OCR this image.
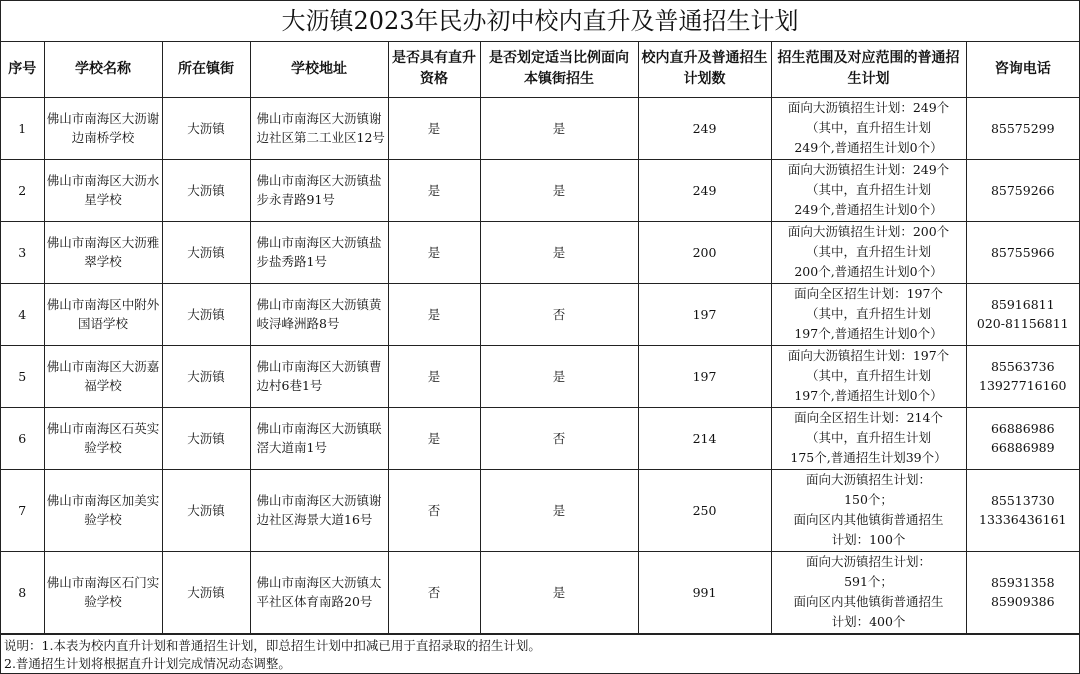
大沥镇2023年民办初中校内直升及普通招生计划
序号	学校名称	所在镇街	学校地址	是否具有直升资格	是否划定适当比例面向本镇街招生	校内直升及普通招生计划数	招生范围及对应范围的普通招生计划	咨询电话
1	佛山市南海区大沥谢边南桥学校	大沥镇	佛山市南海区大沥镇谢边社区第二工业区12号	是	是	249	面向大沥镇招生计划：249个
（其中，直升招生计划
249个,普通招生计划0个）	85575299

2	佛山市南海区大沥水星学校	大沥镇	佛山市南海区大沥镇盐步永青路91号	是	是	249	面向大沥镇招生计划：249个
（其中，直升招生计划
249个,普通招生计划0个）	85759266

3	佛山市南海区大沥雅翠学校	大沥镇	佛山市南海区大沥镇盐步盐秀路1号	是	是	200	面向大沥镇招生计划：200个
（其中，直升招生计划
200个,普通招生计划0个）	85755966

4	佛山市南海区中附外国语学校	大沥镇	佛山市南海区大沥镇黄岐浔峰洲路8号	是	否	197	面向全区招生计划：197个
（其中，直升招生计划
197个,普通招生计划0个）	85916811
020-81156811

5	佛山市南海区大沥嘉福学校	大沥镇	佛山市南海区大沥镇曹边村6巷1号	是	是	197	面向大沥镇招生计划：197个
（其中，直升招生计划
197个,普通招生计划0个）	85563736
13927716160

6	佛山市南海区石英实验学校	大沥镇	佛山市南海区大沥镇联滘大道南1号	是	否	214	面向全区招生计划：214个
（其中，直升招生计划
175个,普通招生计划39个）	66886986
66886989

7	佛山市南海区加美实验学校	大沥镇	佛山市南海区大沥镇谢边社区海景大道16号	否	是	250	面向大沥镇招生计划：
150个；
面向区内其他镇街普通招生
计划：100个	85513730
13336436161

8	佛山市南海区石门实验学校	大沥镇	佛山市南海区大沥镇太平社区体育南路20号	否	是	991	面向大沥镇招生计划：
591个；
面向区内其他镇街普通招生
计划：400个	85931358
85909386
说明：1.本表为校内直升计划和普通招生计划，即总招生计划中扣减已用于直招录取的招生计划。
2.普通招生计划将根据直升计划完成情况动态调整。
